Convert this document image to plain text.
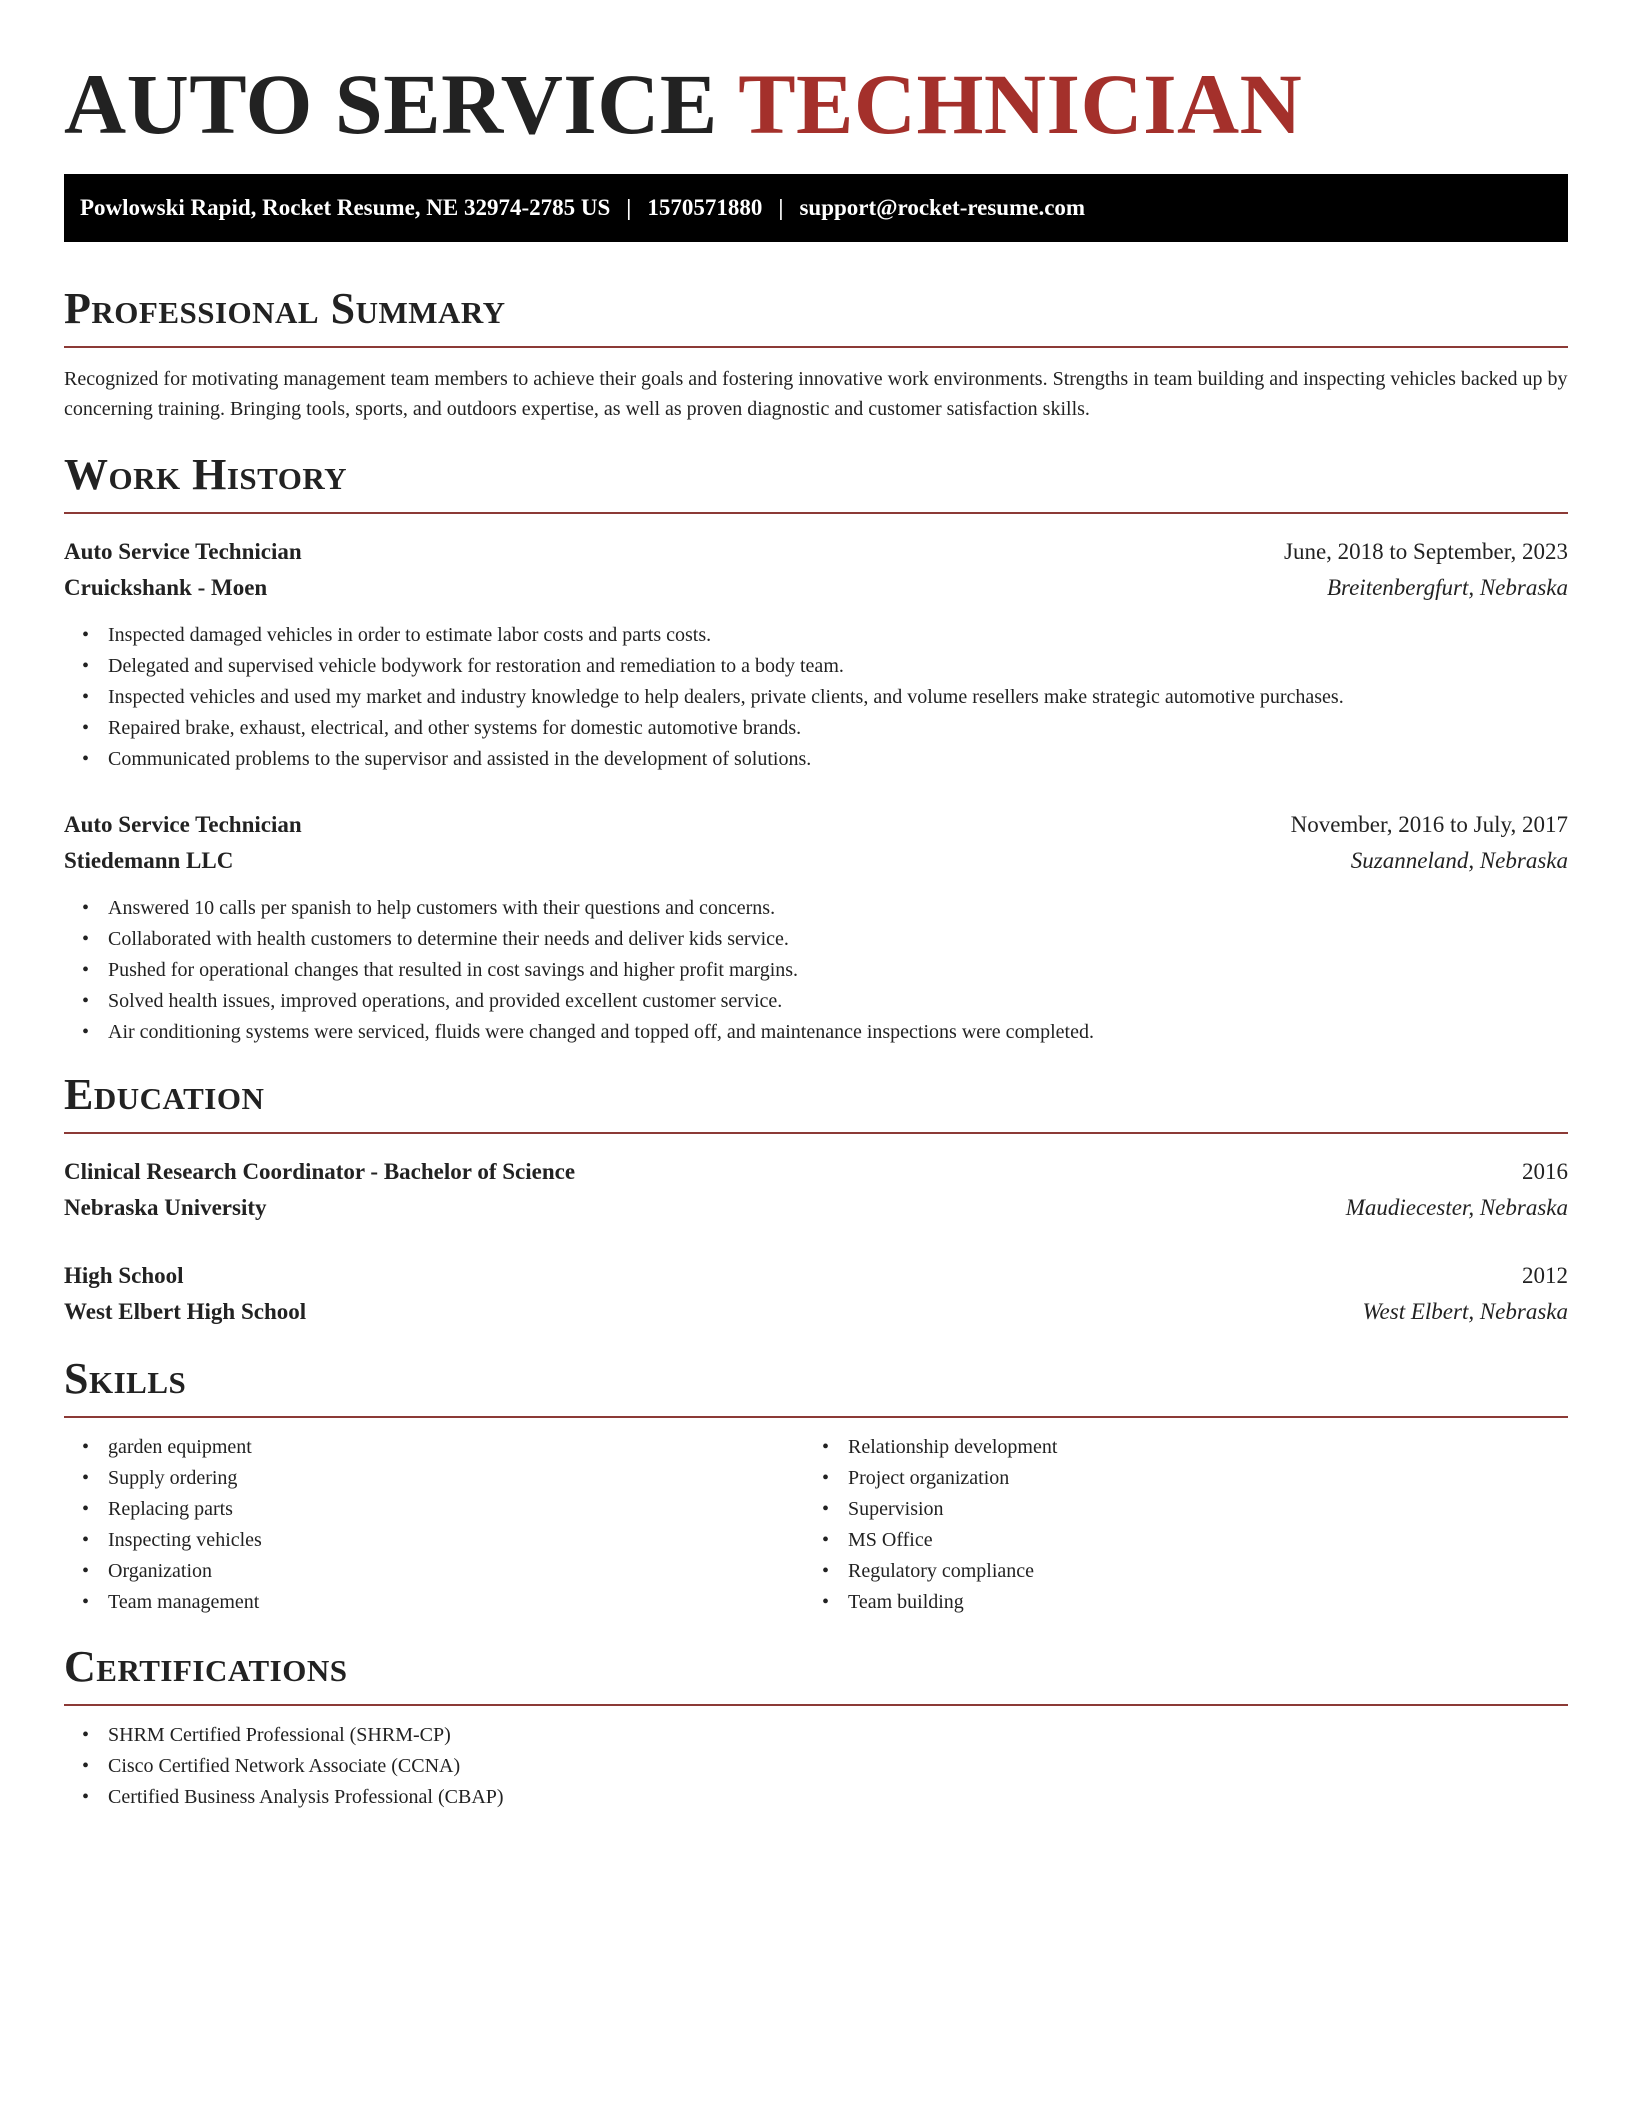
AUTO SERVICE TECHNICIAN
Powlowski Rapid, Rocket Resume, NE 32974-2785 US | 1570571880 | support@rocket-resume.com
Professional Summary

Recognized for motivating management team members to achieve their goals and fostering innovative work environments. Strengths in team building and inspecting vehicles backed up by concerning training. Bringing tools, sports, and outdoors expertise, as well as proven diagnostic and customer satisfaction skills.

Work History
Auto Service Technician	June, 2018 to September, 2023
Cruickshank - Moen	Breitenbergfurt, Nebraska
• Inspected damaged vehicles in order to estimate labor costs and parts costs.
• Delegated and supervised vehicle bodywork for restoration and remediation to a body team.
• Inspected vehicles and used my market and industry knowledge to help dealers, private clients, and volume resellers make strategic automotive purchases.
• Repaired brake, exhaust, electrical, and other systems for domestic automotive brands.
• Communicated problems to the supervisor and assisted in the development of solutions.
Auto Service Technician	November, 2016 to July, 2017
Stiedemann LLC	Suzanneland, Nebraska
• Answered 10 calls per spanish to help customers with their questions and concerns.
• Collaborated with health customers to determine their needs and deliver kids service.
• Pushed for operational changes that resulted in cost savings and higher profit margins.
• Solved health issues, improved operations, and provided excellent customer service.
• Air conditioning systems were serviced, fluids were changed and topped off, and maintenance inspections were completed.
Education
Clinical Research Coordinator - Bachelor of Science	2016
Nebraska University	Maudiecester, Nebraska
High School	2012
West Elbert High School	West Elbert, Nebraska
Skills
• garden equipment
• Supply ordering
• Replacing parts
• Inspecting vehicles
• Organization
• Team management
• Relationship development
• Project organization
• Supervision
• MS Office
• Regulatory compliance
• Team building
Certifications
• SHRM Certified Professional (SHRM-CP)
• Cisco Certified Network Associate (CCNA)
• Certified Business Analysis Professional (CBAP)
